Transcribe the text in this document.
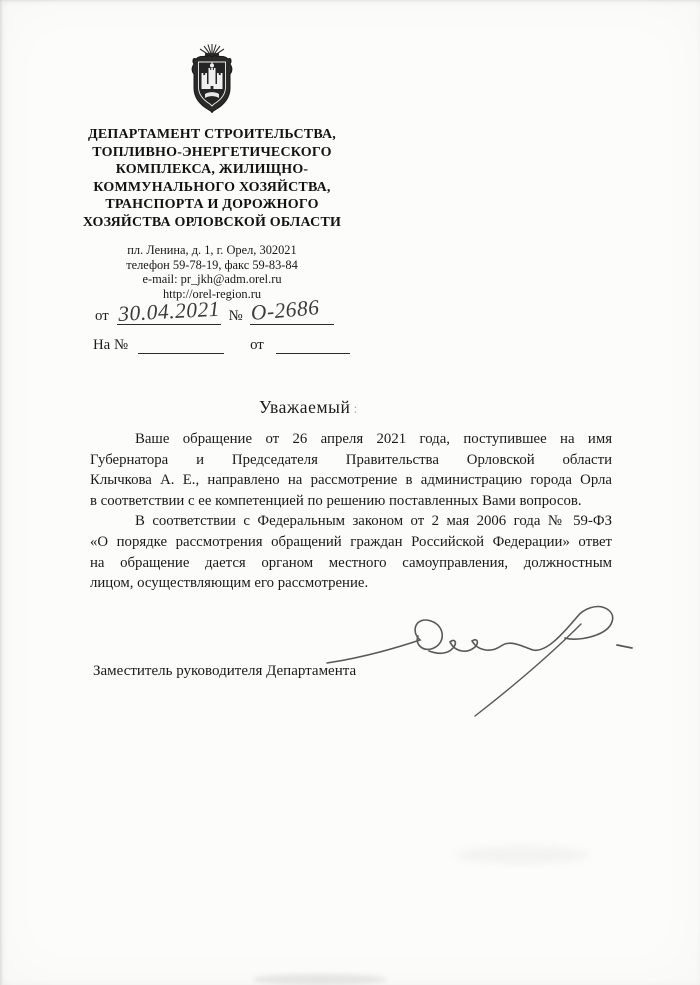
ДЕПАРТАМЕНТ СТРОИТЕЛЬСТВА,
ТОПЛИВНО-ЭНЕРГЕТИЧЕСКОГО
КОМПЛЕКСА, ЖИЛИЩНО-
КОММУНАЛЬНОГО ХОЗЯЙСТВА,
ТРАНСПОРТА И ДОРОЖНОГО
ХОЗЯЙСТВА ОРЛОВСКОЙ ОБЛАСТИ
пл. Ленина, д. 1, г. Орел, 302021
телефон 59-78-19, факс 59-83-84
e-mail: pr_jkh@adm.orel.ru
http://orel-region.ru
от 30.04.2021 № О-2686
На №	от
Уважаемый :
Ваше обращение от 26 апреля 2021 года, поступившее на имя
Губернатора и Председателя Правительства Орловской области
Клычкова А. Е., направлено на рассмотрение в администрацию города Орла
в соответствии с ее компетенцией по решению поставленных Вами вопросов.
В соответствии с Федеральным законом от 2 мая 2006 года № 59-ФЗ
«О порядке рассмотрения обращений граждан Российской Федерации» ответ
на обращение дается органом местного самоуправления, должностным
лицом, осуществляющим его рассмотрение.
Заместитель руководителя Департамента
